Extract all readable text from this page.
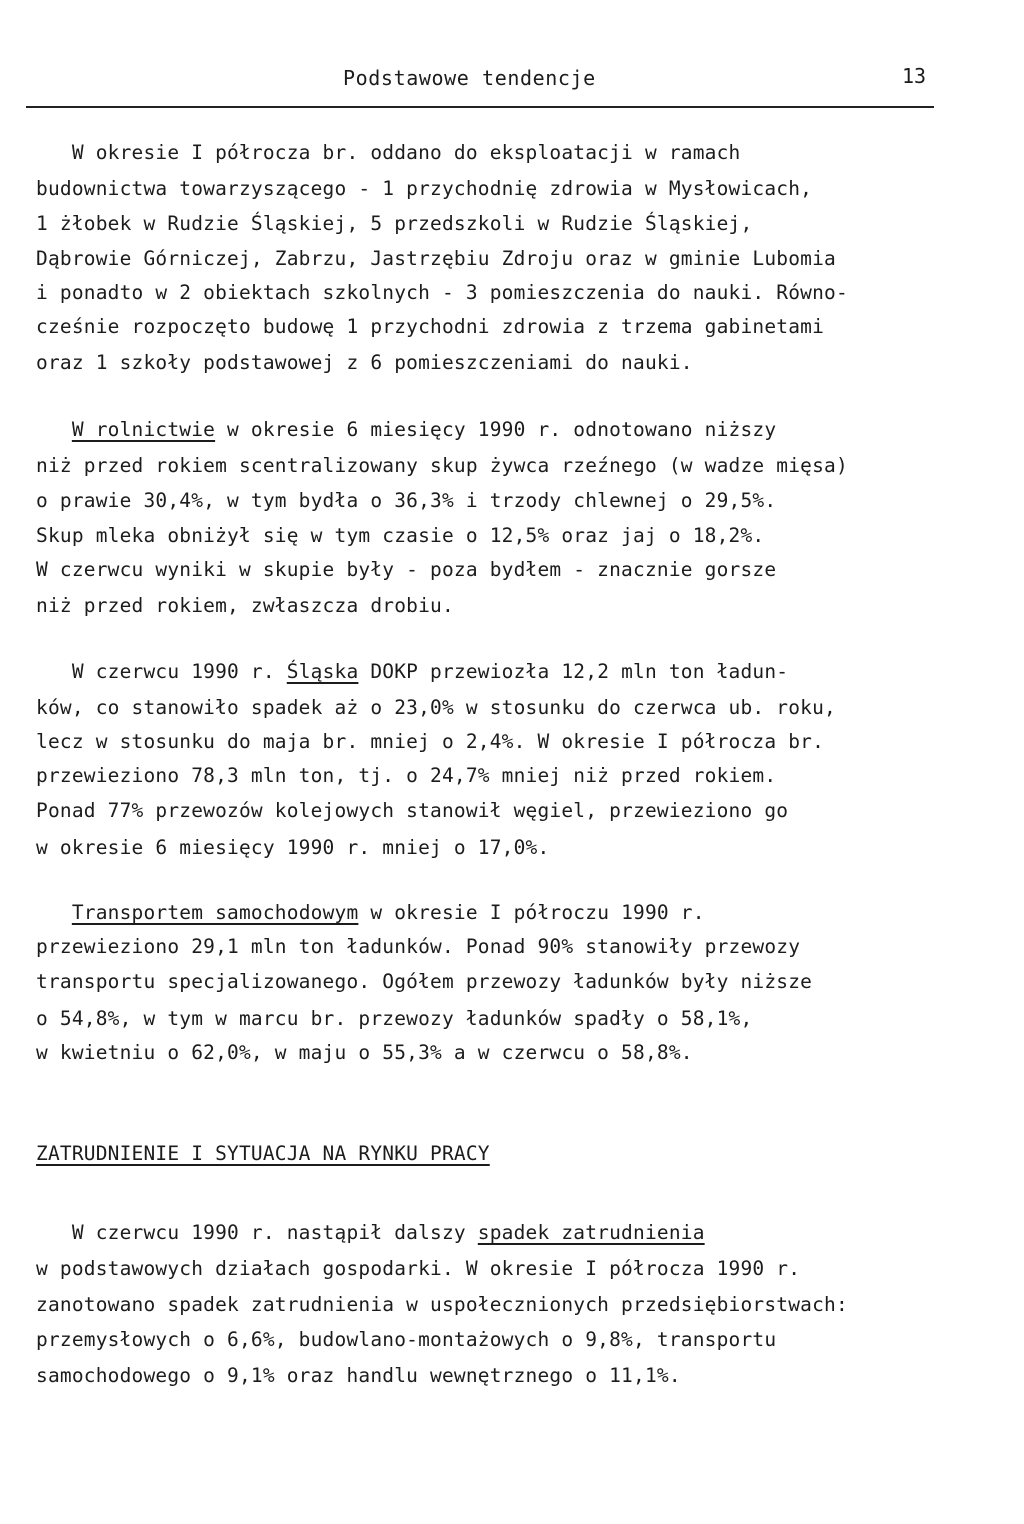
Podstawowe tendencje	13
W okresie I półrocza br. oddano do eksploatacji w ramach
budownictwa towarzyszącego - 1 przychodnię zdrowia w Mysłowicach,
1 żłobek w Rudzie Śląskiej, 5 przedszkoli w Rudzie Śląskiej,
Dąbrowie Górniczej, Zabrzu, Jastrzębiu Zdroju oraz w gminie Lubomia
i ponadto w 2 obiektach szkolnych - 3 pomieszczenia do nauki. Równo-
cześnie rozpoczęto budowę 1 przychodni zdrowia z trzema gabinetami
oraz 1 szkoły podstawowej z 6 pomieszczeniami do nauki.
W rolnictwie w okresie 6 miesięcy 1990 r. odnotowano niższy
niż przed rokiem scentralizowany skup żywca rzeźnego (w wadze mięsa)
o prawie 30,4%, w tym bydła o 36,3% i trzody chlewnej o 29,5%.
Skup mleka obniżył się w tym czasie o 12,5% oraz jaj o 18,2%.
W czerwcu wyniki w skupie były - poza bydłem - znacznie gorsze
niż przed rokiem, zwłaszcza drobiu.
W czerwcu 1990 r. Śląska DOKP przewiozła 12,2 mln ton ładun-
ków, co stanowiło spadek aż o 23,0% w stosunku do czerwca ub. roku,
lecz w stosunku do maja br. mniej o 2,4%. W okresie I półrocza br.
przewieziono 78,3 mln ton, tj. o 24,7% mniej niż przed rokiem.
Ponad 77% przewozów kolejowych stanowił węgiel, przewieziono go
w okresie 6 miesięcy 1990 r. mniej o 17,0%.
Transportem samochodowym w okresie I półroczu 1990 r.
przewieziono 29,1 mln ton ładunków. Ponad 90% stanowiły przewozy
transportu specjalizowanego. Ogółem przewozy ładunków były niższe
o 54,8%, w tym w marcu br. przewozy ładunków spadły o 58,1%,
w kwietniu o 62,0%, w maju o 55,3% a w czerwcu o 58,8%.
ZATRUDNIENIE I SYTUACJA NA RYNKU PRACY
W czerwcu 1990 r. nastąpił dalszy spadek zatrudnienia
w podstawowych działach gospodarki. W okresie I półrocza 1990 r.
zanotowano spadek zatrudnienia w uspołecznionych przedsiębiorstwach:
przemysłowych o 6,6%, budowlano-montażowych o 9,8%, transportu
samochodowego o 9,1% oraz handlu wewnętrznego o 11,1%.
